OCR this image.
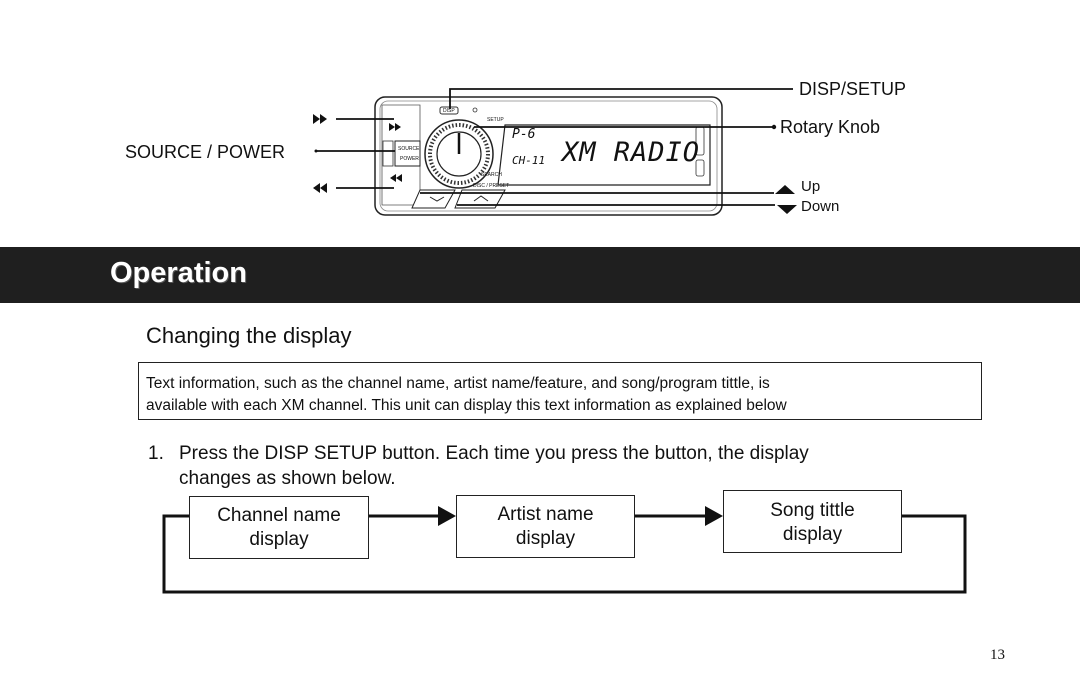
DISP/SETUP
Rotary Knob
SOURCE / POWER
Up
Down
DISP
SETUP
SOURCE
POWER
SEARCH
DISC / PRESET
P-6
CH-11 XM RADIO
Operation
Changing the display
Text information, such as the channel name, artist name/feature, and song/program tittle, is
available with each XM channel. This unit can display this text information as explained below
1. Press the DISP SETUP button. Each time you press the button, the display
changes as shown below.
Channel name
display
Artist name
display
Song tittle
display
13
